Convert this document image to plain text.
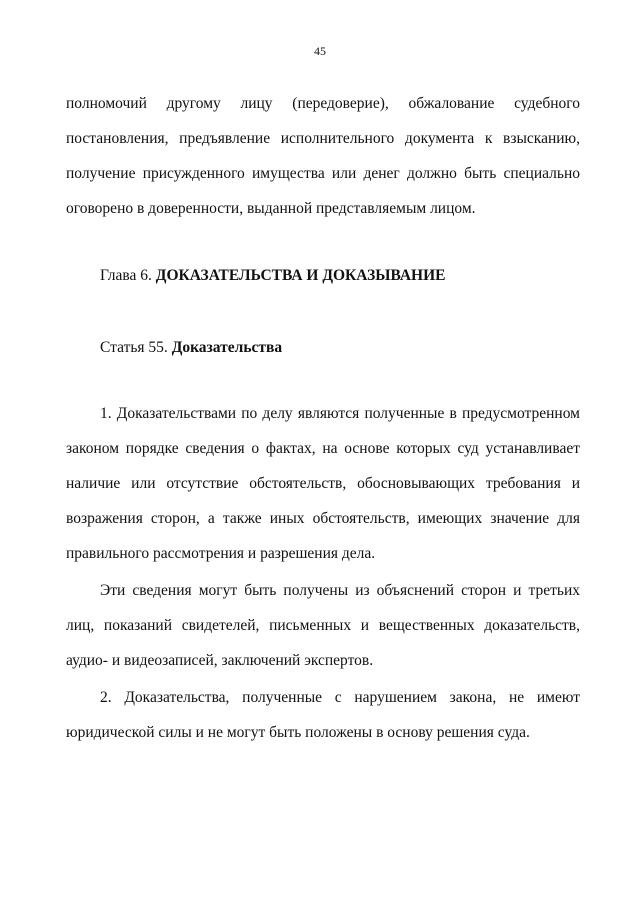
45

полномочий другому лицу (передоверие), обжалование судебного постановления, предъявление исполнительного документа к взысканию, получение присужденного имущества или денег должно быть специально оговорено в доверенности, выданной представляемым лицом.

Глава 6. ДОКАЗАТЕЛЬСТВА И ДОКАЗЫВАНИЕ
Статья 55. Доказательства

1. Доказательствами по делу являются полученные в предусмотренном законом порядке сведения о фактах, на основе которых суд устанавливает наличие или отсутствие обстоятельств, обосновывающих требования и возражения сторон, а также иных обстоятельств, имеющих значение для правильного рассмотрения и разрешения дела.

Эти сведения могут быть получены из объяснений сторон и третьих лиц, показаний свидетелей, письменных и вещественных доказательств, аудио- и видеозаписей, заключений экспертов.

2. Доказательства, полученные с нарушением закона, не имеют юридической силы и не могут быть положены в основу решения суда.
